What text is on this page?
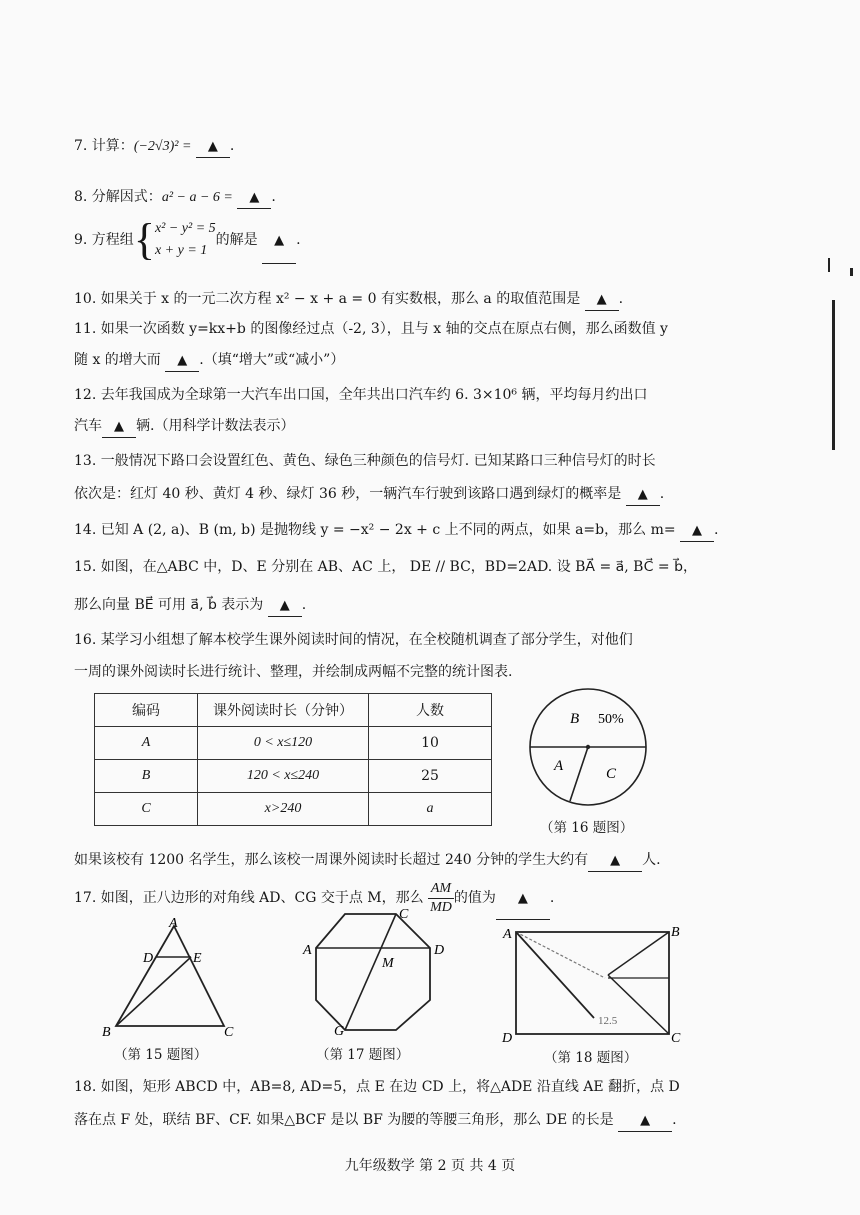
7. 计算：(−2√3)² = ▲ .
8. 分解因式：a² − a − 6 = ▲ .
9. 方程组{ x² − y² = 5
x + y = 1
的解是 ▲ .
10. 如果关于 x 的一元二次方程 x² − x + a = 0 有实数根，那么 a 的取值范围是 ▲ .
11. 如果一次函数 y=kx+b 的图像经过点（-2, 3），且与 x 轴的交点在原点右侧，那么函数值 y
随 x 的增大而 ▲ .（填“增大”或“减小”）
12. 去年我国成为全球第一大汽车出口国，全年共出口汽车约 6. 3×10⁶ 辆，平均每月约出口
汽车 ▲ 辆.（用科学计数法表示）
13. 一般情况下路口会设置红色、黄色、绿色三种颜色的信号灯. 已知某路口三种信号灯的时长
依次是：红灯 40 秒、黄灯 4 秒、绿灯 36 秒，一辆汽车行驶到该路口遇到绿灯的概率是 ▲ .
14. 已知 A (2, a)、B (m, b) 是抛物线 y = −x² − 2x + c 上不同的两点，如果 a=b，那么 m= ▲ .
15. 如图，在△ABC 中，D、E 分别在 AB、AC 上， DE // BC，BD=2AD. 设 BA⃗ = a⃗, BC⃗ = b⃗，
那么向量 BE⃗ 可用 a⃗, b⃗ 表示为 ▲ .
16. 某学习小组想了解本校学生课外阅读时间的情况，在全校随机调查了部分学生，对他们
一周的课外阅读时长进行统计、整理，并绘制成两幅不完整的统计图表.
编码	课外阅读时长（分钟）	人数
A	0 < x≤120	10
B	120 < x≤240	25
C	x>240	a
B 50%
A	C
（第 16 题图）
如果该校有 1200 名学生，那么该校一周课外阅读时长超过 240 分钟的学生大约有 ▲ 人.
17. 如图，正八边形的对角线 AD、CG 交于点 M，那么 $\frac{AM}{MD}$ 的值为 ▲ .
A
D	E
B	C
（第 15 题图）
A
C
D
M
G
（第 17 题图）
12.5
A	B
C
D
（第 18 题图）
18. 如图，矩形 ABCD 中，AB=8, AD=5，点 E 在边 CD 上，将△ADE 沿直线 AE 翻折，点 D
落在点 F 处，联结 BF、CF. 如果△BCF 是以 BF 为腰的等腰三角形，那么 DE 的长是 ▲ .
九年级数学 第 2 页 共 4 页
